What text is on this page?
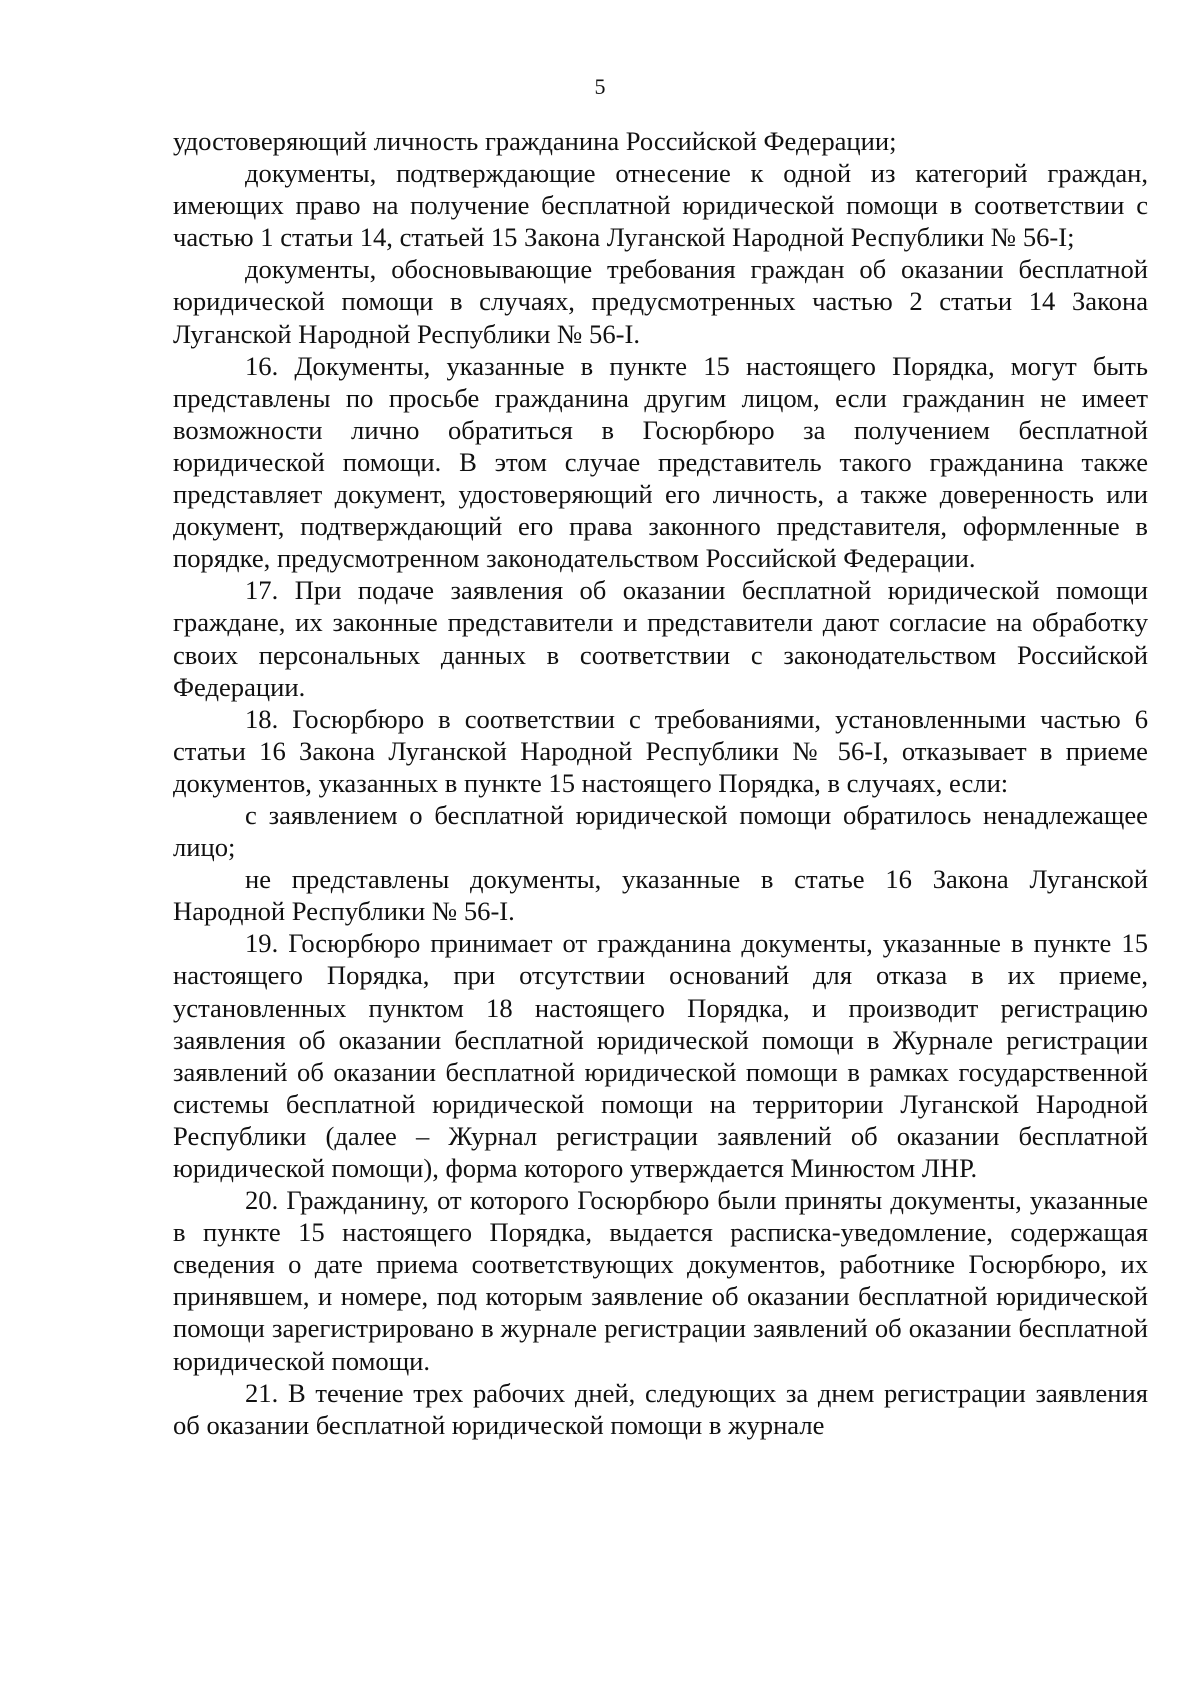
5

удостоверяющий личность гражданина Российской Федерации;

документы, подтверждающие отнесение к одной из категорий граждан, имеющих право на получение бесплатной юридической помощи в соответствии с частью 1 статьи 14, статьей 15 Закона Луганской Народной Республики № 56-I;

документы, обосновывающие требования граждан об оказании бесплатной юридической помощи в случаях, предусмотренных частью 2 статьи 14 Закона Луганской Народной Республики № 56-I.

16. Документы, указанные в пункте 15 настоящего Порядка, могут быть представлены по просьбе гражданина другим лицом, если гражданин не имеет возможности лично обратиться в Госюрбюро за получением бесплатной юридической помощи. В этом случае представитель такого гражданина также представляет документ, удостоверяющий его личность, а также доверенность или документ, подтверждающий его права законного представителя, оформленные в порядке, предусмотренном законодательством Российской Федерации.

17. При подаче заявления об оказании бесплатной юридической помощи граждане, их законные представители и представители дают согласие на обработку своих персональных данных в соответствии с законодательством Российской Федерации.

18. Госюрбюро в соответствии с требованиями, установленными частью 6 статьи 16 Закона Луганской Народной Республики № 56-I, отказывает в приеме документов, указанных в пункте 15 настоящего Порядка, в случаях, если:

с заявлением о бесплатной юридической помощи обратилось ненадлежащее лицо;

не представлены документы, указанные в статье 16 Закона Луганской Народной Республики № 56-I.

19. Госюрбюро принимает от гражданина документы, указанные в пункте 15 настоящего Порядка, при отсутствии оснований для отказа в их приеме, установленных пунктом 18 настоящего Порядка, и производит регистрацию заявления об оказании бесплатной юридической помощи в Журнале регистрации заявлений об оказании бесплатной юридической помощи в рамках государственной системы бесплатной юридической помощи на территории Луганской Народной Республики (далее – Журнал регистрации заявлений об оказании бесплатной юридической помощи), форма которого утверждается Минюстом ЛНР.

20. Гражданину, от которого Госюрбюро были приняты документы, указанные в пункте 15 настоящего Порядка, выдается расписка-уведомление, содержащая сведения о дате приема соответствующих документов, работнике Госюрбюро, их принявшем, и номере, под которым заявление об оказании бесплатной юридической помощи зарегистрировано в журнале регистрации заявлений об оказании бесплатной юридической помощи.

21. В течение трех рабочих дней, следующих за днем регистрации заявления об оказании бесплатной юридической помощи в журнале
